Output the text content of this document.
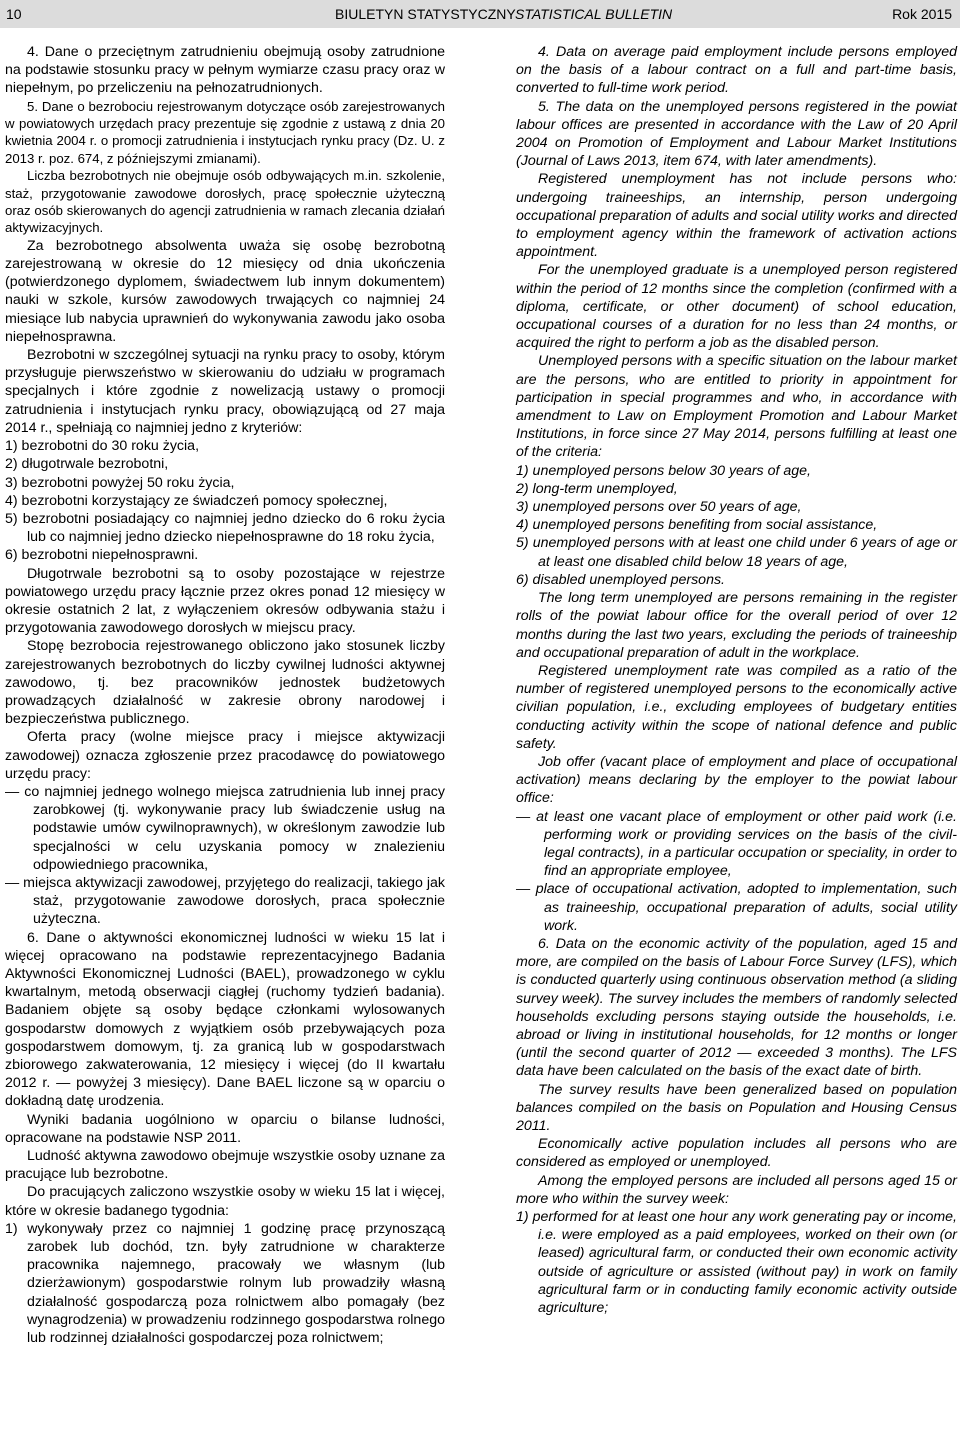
10	BIULETYN STATYSTYCZNY STATISTICAL BULLETIN	Rok 2015

4. Dane o przeciętnym zatrudnieniu obejmują osoby zatrudnione na podstawie stosunku pracy w pełnym wymiarze czasu pracy oraz w niepełnym, po przeliczeniu na pełnozatrudnionych.

5. Dane o bezrobociu rejestrowanym dotyczące osób zarejestrowanych w powiatowych urzędach pracy prezentuje się zgodnie z ustawą z dnia 20 kwietnia 2004 r. o promocji zatrudnienia i instytucjach rynku pracy (Dz. U. z 2013 r. poz. 674, z późniejszymi zmianami).

Liczba bezrobotnych nie obejmuje osób odbywających m.in. szkolenie, staż, przygotowanie zawodowe dorosłych, pracę społecznie użyteczną oraz osób skierowanych do agencji zatrudnienia w ramach zlecania działań aktywizacyjnych.

Za bezrobotnego absolwenta uważa się osobę bezrobotną zarejestrowaną w okresie do 12 miesięcy od dnia ukończenia (potwierdzonego dyplomem, świadectwem lub innym dokumentem) nauki w szkole, kursów zawodowych trwających co najmniej 24 miesiące lub nabycia uprawnień do wykonywania zawodu jako osoba niepełnosprawna.

Bezrobotni w szczególnej sytuacji na rynku pracy to osoby, którym przysługuje pierwszeństwo w skierowaniu do udziału w programach specjalnych i które zgodnie z nowelizacją ustawy o promocji zatrudnienia i instytucjach rynku pracy, obowiązującą od 27 maja 2014 r., spełniają co najmniej jedno z kryteriów:

1) bezrobotni do 30 roku życia,

2) długotrwale bezrobotni,

3) bezrobotni powyżej 50 roku życia,

4) bezrobotni korzystający ze świadczeń pomocy społecznej,

5) bezrobotni posiadający co najmniej jedno dziecko do 6 roku życia lub co najmniej jedno dziecko niepełnosprawne do 18 roku życia,

6) bezrobotni niepełnosprawni.

Długotrwale bezrobotni są to osoby pozostające w rejestrze powiatowego urzędu pracy łącznie przez okres ponad 12 miesięcy w okresie ostatnich 2 lat, z wyłączeniem okresów odbywania stażu i przygotowania zawodowego dorosłych w miejscu pracy.

Stopę bezrobocia rejestrowanego obliczono jako stosunek liczby zarejestrowanych bezrobotnych do liczby cywilnej ludności aktywnej zawodowo, tj. bez pracowników jednostek budżetowych prowadzących działalność w zakresie obrony narodowej i bezpieczeństwa publicznego.

Oferta pracy (wolne miejsce pracy i miejsce aktywizacji zawodowej) oznacza zgłoszenie przez pracodawcę do powiatowego urzędu pracy:

— co najmniej jednego wolnego miejsca zatrudnienia lub innej pracy zarobkowej (tj. wykonywanie pracy lub świadczenie usług na podstawie umów cywilnoprawnych), w określonym zawodzie lub specjalności w celu uzyskania pomocy w znalezieniu odpowiedniego pracownika,

— miejsca aktywizacji zawodowej, przyjętego do realizacji, takiego jak staż, przygotowanie zawodowe dorosłych, praca społecznie użyteczna.

6. Dane o aktywności ekonomicznej ludności w wieku 15 lat i więcej opracowano na podstawie reprezentacyjnego Badania Aktywności Ekonomicznej Ludności (BAEL), prowadzonego w cyklu kwartalnym, metodą obserwacji ciągłej (ruchomy tydzień badania). Badaniem objęte są osoby będące członkami wylosowanych gospodarstw domowych z wyjątkiem osób przebywających poza gospodarstwem domowym, tj. za granicą lub w gospodarstwach zbiorowego zakwaterowania, 12 miesięcy i więcej (do II kwartału 2012 r. — powyżej 3 miesięcy). Dane BAEL liczone są w oparciu o dokładną datę urodzenia.

Wyniki badania uogólniono w oparciu o bilanse ludności, opracowane na podstawie NSP 2011.

Ludność aktywna zawodowo obejmuje wszystkie osoby uznane za pracujące lub bezrobotne.

Do pracujących zaliczono wszystkie osoby w wieku 15 lat i więcej, które w okresie badanego tygodnia:

1) wykonywały przez co najmniej 1 godzinę pracę przynoszącą zarobek lub dochód, tzn. były zatrudnione w charakterze pracownika najemnego, pracowały we własnym (lub dzierżawionym) gospodarstwie rolnym lub prowadziły własną działalność gospodarczą poza rolnictwem albo pomagały (bez wynagrodzenia) w prowadzeniu rodzinnego gospodarstwa rolnego lub rodzinnej działalności gospodarczej poza rolnictwem;

4. Data on average paid employment include persons employed on the basis of a labour contract on a full and part-time basis, converted to full-time work period.

5. The data on the unemployed persons registered in the powiat labour offices are presented in accordance with the Law of 20 April 2004 on Promotion of Employment and Labour Market Institutions (Journal of Laws 2013, item 674, with later amendments).

Registered unemployment has not include persons who: undergoing traineeships, an internship, person undergoing occupational preparation of adults and social utility works and directed to employment agency within the framework of activation actions appointment.

For the unemployed graduate is a unemployed person registered within the period of 12 months since the completion (confirmed with a diploma, certificate, or other document) of school education, occupational courses of a duration for no less than 24 months, or acquired the right to perform a job as the disabled person.

Unemployed persons with a specific situation on the labour market are the persons, who are entitled to priority in appointment for participation in special programmes and who, in accordance with amendment to Law on Employment Promotion and Labour Market Institutions, in force since 27 May 2014, persons fulfilling at least one of the criteria:

1) unemployed persons below 30 years of age,

2) long-term unemployed,

3) unemployed persons over 50 years of age,

4) unemployed persons benefiting from social assistance,

5) unemployed persons with at least one child under 6 years of age or at least one disabled child below 18 years of age,

6) disabled unemployed persons.

The long term unemployed are persons remaining in the register rolls of the powiat labour office for the overall period of over 12 months during the last two years, excluding the periods of traineeship and occupational preparation of adult in the workplace.

Registered unemployment rate was compiled as a ratio of the number of registered unemployed persons to the economically active civilian population, i.e., excluding employees of budgetary entities conducting activity within the scope of national defence and public safety.

Job offer (vacant place of employment and place of occupational activation) means declaring by the employer to the powiat labour office:

— at least one vacant place of employment or other paid work (i.e. performing work or providing services on the basis of the civil-legal contracts), in a particular occupation or speciality, in order to find an appropriate employee,

— place of occupational activation, adopted to implementation, such as traineeship, occupational preparation of adults, social utility work.

6. Data on the economic activity of the population, aged 15 and more, are compiled on the basis of Labour Force Survey (LFS), which is conducted quarterly using continuous observation method (a sliding survey week). The survey includes the members of randomly selected households excluding persons staying outside the households, i.e. abroad or living in institutional households, for 12 months or longer (until the second quarter of 2012 — exceeded 3 months). The LFS data have been calculated on the basis of the exact date of birth.

The survey results have been generalized based on population balances compiled on the basis on Population and Housing Census 2011.

Economically active population includes all persons who are considered as employed or unemployed.

Among the employed persons are included all persons aged 15 or more who within the survey week:

1) performed for at least one hour any work generating pay or income, i.e. were employed as a paid employees, worked on their own (or leased) agricultural farm, or conducted their own economic activity outside of agriculture or assisted (without pay) in work on family agricultural farm or in conducting family economic activity outside agriculture;
